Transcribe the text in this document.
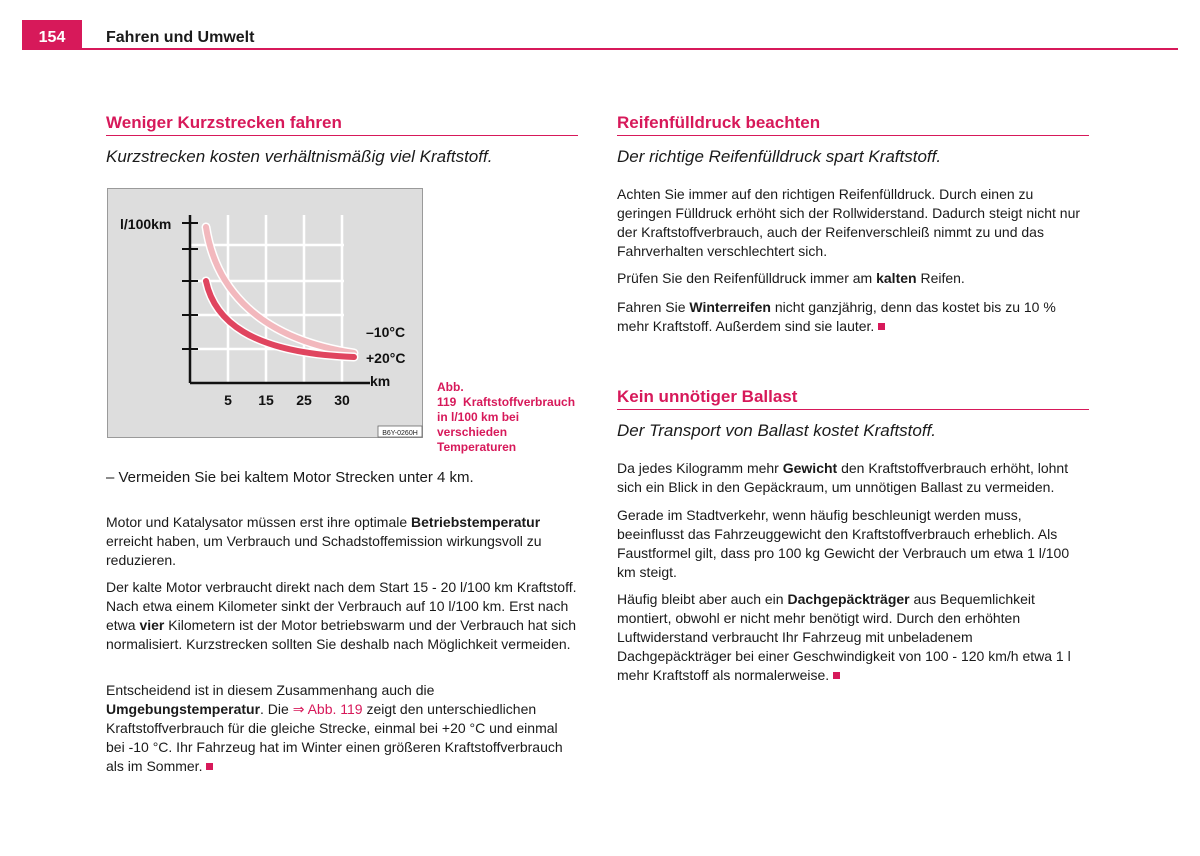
154	Fahren und Umwelt
Weniger Kurzstrecken fahren
Kurzstrecken kosten verhältnismäßig viel Kraftstoff.
– Vermeiden Sie bei kaltem Motor Strecken unter 4 km.

Motor und Katalysator müssen erst ihre optimale Betriebstemperatur erreicht haben, um Verbrauch und Schadstoffemission wirkungsvoll zu reduzieren.

Der kalte Motor verbraucht direkt nach dem Start 15 - 20 l/100 km Kraftstoff. Nach etwa einem Kilometer sinkt der Verbrauch auf 10 l/100 km. Erst nach etwa vier Kilometern ist der Motor betriebswarm und der Verbrauch hat sich normalisiert. Kurzstrecken sollten Sie deshalb nach Möglichkeit vermeiden.

Entscheidend ist in diesem Zusammenhang auch die Umgebungstemperatur. Die ⇒ Abb. 119 zeigt den unterschiedlichen Kraftstoffverbrauch für die gleiche Strecke, einmal bei +20 °C und einmal bei -10 °C. Ihr Fahrzeug hat im Winter einen größeren Kraftstoffverbrauch als im Sommer.

l/100km
km
–10°C
+20°C
5 15 25 30
B6Y-0260H
Abb. 119 Kraftstoffverbrauch in l/100 km bei verschieden Temperaturen
Reifenfülldruck beachten
Der richtige Reifenfülldruck spart Kraftstoff.

Achten Sie immer auf den richtigen Reifenfülldruck. Durch einen zu geringen Fülldruck erhöht sich der Rollwiderstand. Dadurch steigt nicht nur der Kraftstoffverbrauch, auch der Reifenverschleiß nimmt zu und das Fahrverhalten verschlechtert sich.

Prüfen Sie den Reifenfülldruck immer am kalten Reifen.

Fahren Sie Winterreifen nicht ganzjährig, denn das kostet bis zu 10 % mehr Kraftstoff. Außerdem sind sie lauter.

Kein unnötiger Ballast
Der Transport von Ballast kostet Kraftstoff.

Da jedes Kilogramm mehr Gewicht den Kraftstoffverbrauch erhöht, lohnt sich ein Blick in den Gepäckraum, um unnötigen Ballast zu vermeiden.

Gerade im Stadtverkehr, wenn häufig beschleunigt werden muss, beeinflusst das Fahrzeuggewicht den Kraftstoffverbrauch erheblich. Als Faustformel gilt, dass pro 100 kg Gewicht der Verbrauch um etwa 1 l/100 km steigt.

Häufig bleibt aber auch ein Dachgepäckträger aus Bequemlichkeit montiert, obwohl er nicht mehr benötigt wird. Durch den erhöhten Luftwiderstand verbraucht Ihr Fahrzeug mit unbeladenem Dachgepäckträger bei einer Geschwindigkeit von 100 - 120 km/h etwa 1 l mehr Kraftstoff als normalerweise.
